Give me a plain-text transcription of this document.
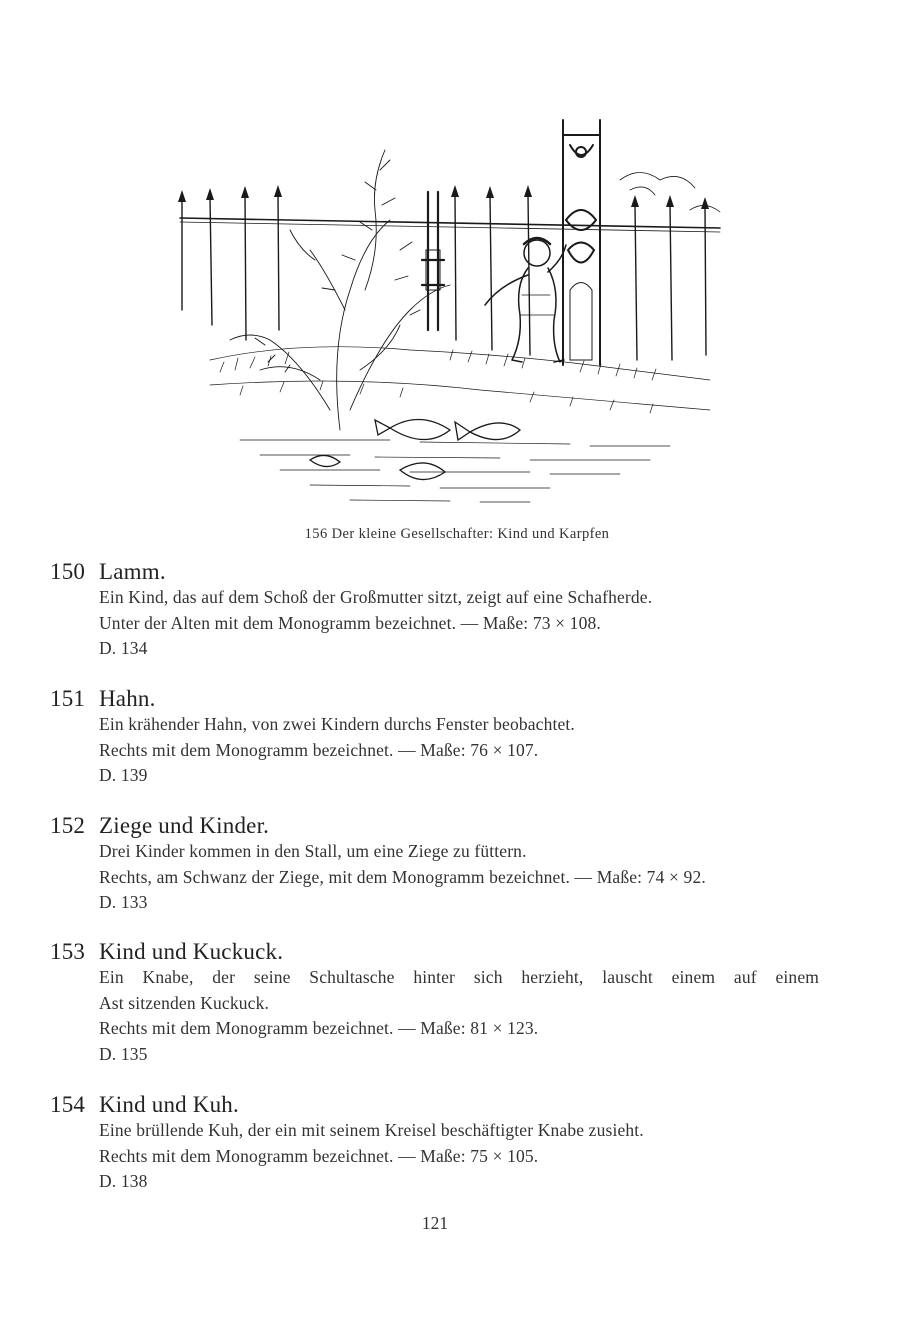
156 Der kleine Gesellschafter: Kind und Karpfen
150 Lamm.
Ein Kind, das auf dem Schoß der Großmutter sitzt, zeigt auf eine Schafherde.
Unter der Alten mit dem Monogramm bezeichnet. — Maße: 73 × 108.
D. 134
151 Hahn.
Ein krähender Hahn, von zwei Kindern durchs Fenster beobachtet.
Rechts mit dem Monogramm bezeichnet. — Maße: 76 × 107.
D. 139
152 Ziege und Kinder.
Drei Kinder kommen in den Stall, um eine Ziege zu füttern.
Rechts, am Schwanz der Ziege, mit dem Monogramm bezeichnet. — Maße: 74 × 92.
D. 133
153 Kind und Kuckuck.
Ein Knabe, der seine Schultasche hinter sich herzieht, lauscht einem auf einem
Ast sitzenden Kuckuck.
Rechts mit dem Monogramm bezeichnet. — Maße: 81 × 123.
D. 135
154 Kind und Kuh.
Eine brüllende Kuh, der ein mit seinem Kreisel beschäftigter Knabe zusieht.
Rechts mit dem Monogramm bezeichnet. — Maße: 75 × 105.
D. 138
121
